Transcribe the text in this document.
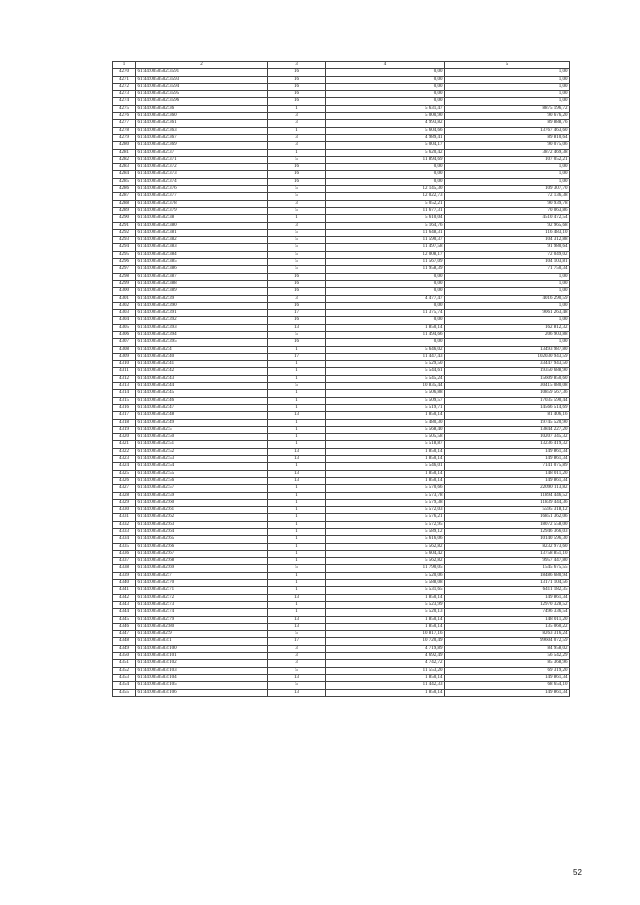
1	2	3	4	5
4270	61:44:0050502:3591	16	0,00	1,00
4271	61:44:0050502:3593	16	0,00	1,00
4272	61:44:0050502:3594	16	0,00	1,00
4273	61:44:0050502:3595	16	0,00	1,00
4274	61:44:0050502:3596	16	0,00	1,00
4275	61:44:0050502:36	1	5 631,47	8875 196,72
4276	61:44:0050502:360	3	5 000,90	90 676,20
4277	61:44:0050502:361	3	4 993,82	89 888,76
4278	61:44:0050502:363	1	5 604,66	13767 463,60
4279	61:44:0050502:367	3	4 989,41	89 810,64
4280	61:44:0050502:369	3	5 004,17	90 075,06
4281	61:44:0050502:37	1	5 620,42	3872 469,38
4282	61:44:0050502:371	5	11 894,69	107 052,21
4283	61:44:0050502:372	16	0,00	1,00
4284	61:44:0050502:373	16	0,00	1,00
4285	61:44:0050502:374	16	0,00	1,00
4286	61:44:0050502:376	5	12 145,30	109 307,70
4287	61:44:0050502:377	5	12 022,73	72 136,38
4288	61:44:0050502:378	3	5 052,21	90 939,78
4289	61:44:0050502:379	5	11 677,31	70 063,86
4290	61:44:0050502:38	1	5 610,04	4510 472,54
4291	61:44:0050502:380	3	5 164,76	92 965,68
4292	61:44:0050502:381	5	11 648,31	116 483,10
4293	61:44:0050502:382	5	11 590,37	104 312,88
4294	61:44:0050502:383	5	11 497,58	91 980,64
4295	61:44:0050502:384	5	12 008,17	72 049,02
4296	61:44:0050502:385	5	11 567,09	104 103,81
4297	61:44:0050502:386	5	11 958,39	71 750,34
4298	61:44:0050502:387	16	0,00	1,00
4299	61:44:0050502:388	16	0,00	1,00
4300	61:44:0050502:389	16	0,00	1,00
4301	61:44:0050502:39	3	4 477,47	4016 290,59
4302	61:44:0050502:390	16	0,00	1,00
4303	61:44:0050502:391	17	11 375,74	9061 263,48
4304	61:44:0050502:392	16	0,00	1,00
4305	61:44:0050502:393	13	1 850,14	162 812,32
4306	61:44:0050502:394	5	11 494,66	206 903,88
4307	61:44:0050502:395	16	0,00	1,00
4308	61:44:0050502:4	1	5 646,02	13493 987,80
4309	61:44:0050502:40	17	11 447,43	102030 943,59
4310	61:44:0050502:41	1	5 529,50	33447 943,50
4311	61:44:0050502:42	1	5 544,61	19350 688,90
4312	61:44:0050502:43	1	5 545,24	15609 850,60
4313	61:44:0050502:44	5	10 835,44	30415 080,08
4314	61:44:0050502:45	1	5 506,88	10859 567,36
4315	61:44:0050502:46	1	5 509,57	17035 590,44
4316	61:44:0050502:47	1	5 519,71	14566 514,69
4317	61:44:0050502:48	13	1 850,14	81 406,16
4318	61:44:0050502:49	1	5 480,30	19745 520,90
4319	61:44:0050502:5	1	5 568,40	13844 227,20
4320	61:44:0050502:50	1	5 505,58	10207 345,32
4321	61:44:0050502:51	1	5 518,87	13236 419,32
4322	61:44:0050502:52	13	1 850,14	149 861,34
4323	61:44:0050502:53	13	1 850,14	149 861,34
4324	61:44:0050502:54	1	5 546,01	7141 075,89
4325	61:44:0050502:55	13	1 850,14	148 011,20
4326	61:44:0050502:56	13	1 850,14	149 861,34
4327	61:44:0050502:57	1	5 570,66	22090 113,82
4328	61:44:0050502:59	1	5 573,78	11894 446,52
4329	61:44:0050502:60	1	5 579,38	11839 444,36
4330	61:44:0050502:61	1	5 572,03	5595 318,12
4331	61:44:0050502:62	1	5 576,21	16851 362,06
4332	61:44:0050502:63	1	5 572,95	18072 558,00
4333	61:44:0050502:64	1	5 589,12	12946 366,03
4334	61:44:0050502:65	1	5 616,06	10140 596,30
4335	61:44:0050502:66	1	5 562,82	8232 973,60
4336	61:44:0050502:67	1	5 604,42	13758 851,10
4337	61:44:0050502:68	1	5 562,82	9957 447,80
4338	61:44:0050502:69	5	11 790,05	1545 675,55
4339	61:44:0050502:7	1	5 520,06	18486 680,94
4340	61:44:0050502:70	1	5 588,08	13171 104,56
4341	61:44:0050502:71	1	5 531,65	6411 182,35
4342	61:44:0050502:72	13	1 850,14	149 861,34
4343	61:44:0050502:73	1	5 523,99	12970 328,52
4344	61:44:0050502:74	1	5 520,13	7496 336,54
4345	61:44:0050502:79	13	1 850,14	148 011,20
4346	61:44:0050502:80	13	1 850,14	135 060,22
4347	61:44:0050502:9	5	10 817,16	8263 316,24
4348	61:44:0050503:1	17	10 720,49	99604 072,59
4349	61:44:0050503:100	3	4 719,89	84 958,02
4350	61:44:0050503:101	3	4 692,49	56 542,29
4351	61:44:0050503:102	3	4 742,72	85 368,96
4352	61:44:0050503:103	5	11 553,20	69 319,20
4353	61:44:0050503:104	13	1 850,14	149 861,34
4354	61:44:0050503:105	5	11 442,33	68 654,10
4355	61:44:0050503:106	13	1 850,14	149 861,34
52
